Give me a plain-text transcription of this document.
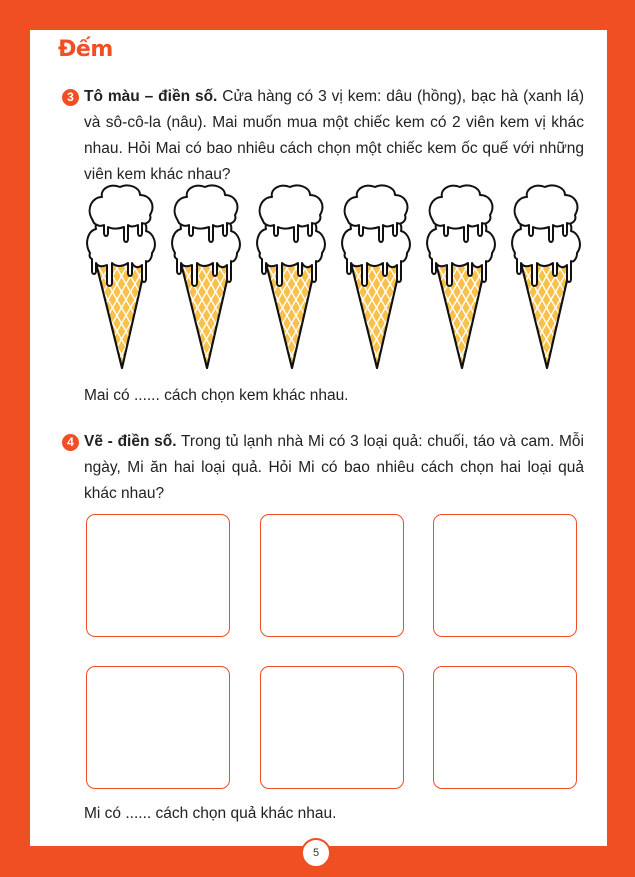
Đếm
3 Tô màu – điền số. Cửa hàng có 3 vị kem: dâu (hồng), bạc hà (xanh lá) và sô-cô-la (nâu). Mai muốn mua một chiếc kem có 2 viên kem vị khác nhau. Hỏi Mai có bao nhiêu cách chọn một chiếc kem ốc quế với những viên kem khác nhau?
Mai có ...... cách chọn kem khác nhau.
4 Vẽ - điền số. Trong tủ lạnh nhà Mi có 3 loại quả: chuối, táo và cam. Mỗi ngày, Mi ăn hai loại quả. Hỏi Mi có bao nhiêu cách chọn hai loại quả khác nhau?
Mi có ...... cách chọn quả khác nhau.
5
